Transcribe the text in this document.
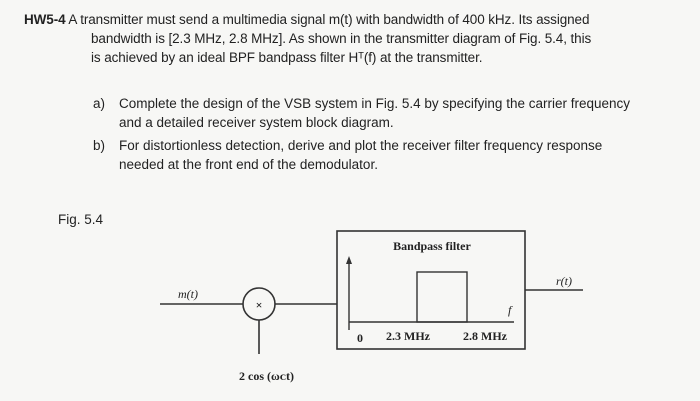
HW5-4 A transmitter must send a multimedia signal m(t) with bandwidth of 400 kHz. Its assigned
bandwidth is [2.3 MHz, 2.8 MHz]. As shown in the transmitter diagram of Fig. 5.4, this
is achieved by an ideal BPF bandpass filter Hᵀ(f) at the transmitter.
a)	Complete the design of the VSB system in Fig. 5.4 by specifying the carrier frequency
and a detailed receiver system block diagram.
b)	For distortionless detection, derive and plot the receiver filter frequency response
needed at the front end of the demodulator.
Fig. 5.4
m(t)
×
2 cos (ωᴄt)
Bandpass filter
0 2.3 MHz	2.8 MHz
f
r(t)
